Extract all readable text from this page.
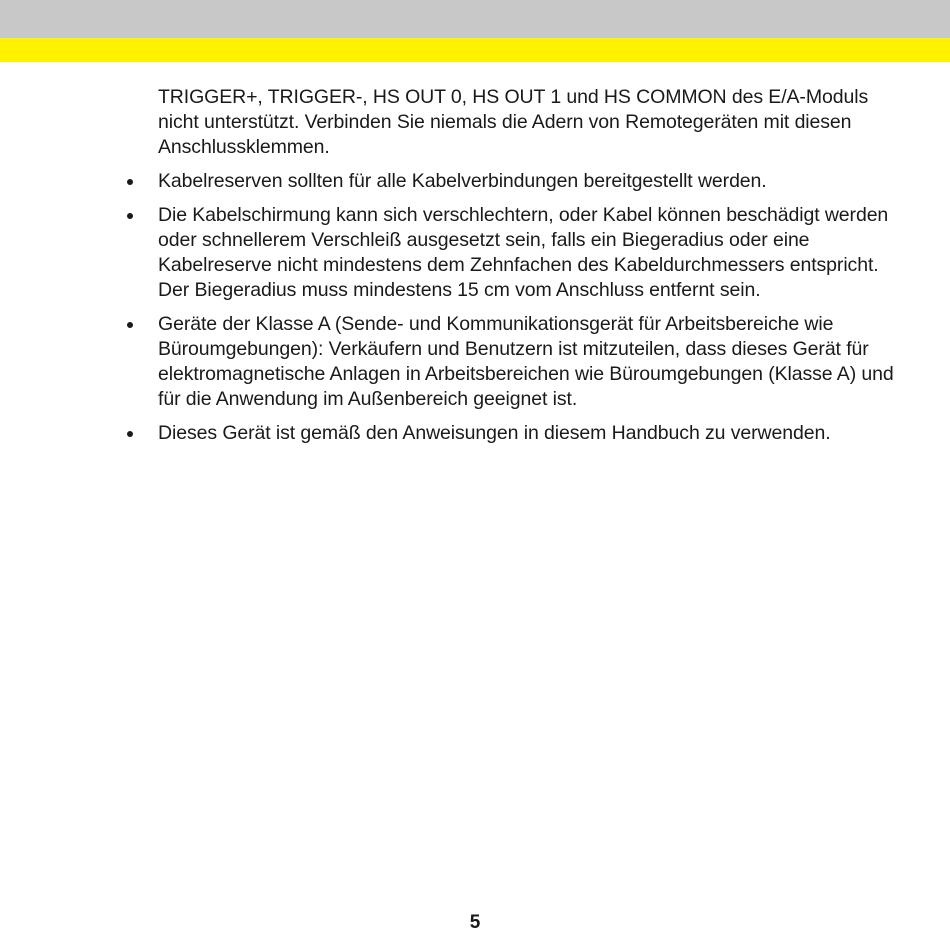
TRIGGER+, TRIGGER-, HS OUT 0, HS OUT 1 und HS COMMON des E/A-Moduls nicht unterstützt. Verbinden Sie niemals die Adern von Remotegeräten mit diesen Anschlussklemmen.

Kabelreserven sollten für alle Kabelverbindungen bereitgestellt werden.
Die Kabelschirmung kann sich verschlechtern, oder Kabel können beschädigt werden oder schnellerem Verschleiß ausgesetzt sein, falls ein Biegeradius oder eine Kabelreserve nicht mindestens dem Zehnfachen des Kabeldurchmessers entspricht. Der Biegeradius muss mindestens 15 cm vom Anschluss entfernt sein.
Geräte der Klasse A (Sende- und Kommunikationsgerät für Arbeitsbereiche wie Büroumgebungen): Verkäufern und Benutzern ist mitzuteilen, dass dieses Gerät für elektromagnetische Anlagen in Arbeitsbereichen wie Büroumgebungen (Klasse A) und für die Anwendung im Außenbereich geeignet ist.
Dieses Gerät ist gemäß den Anweisungen in diesem Handbuch zu verwenden.
5
